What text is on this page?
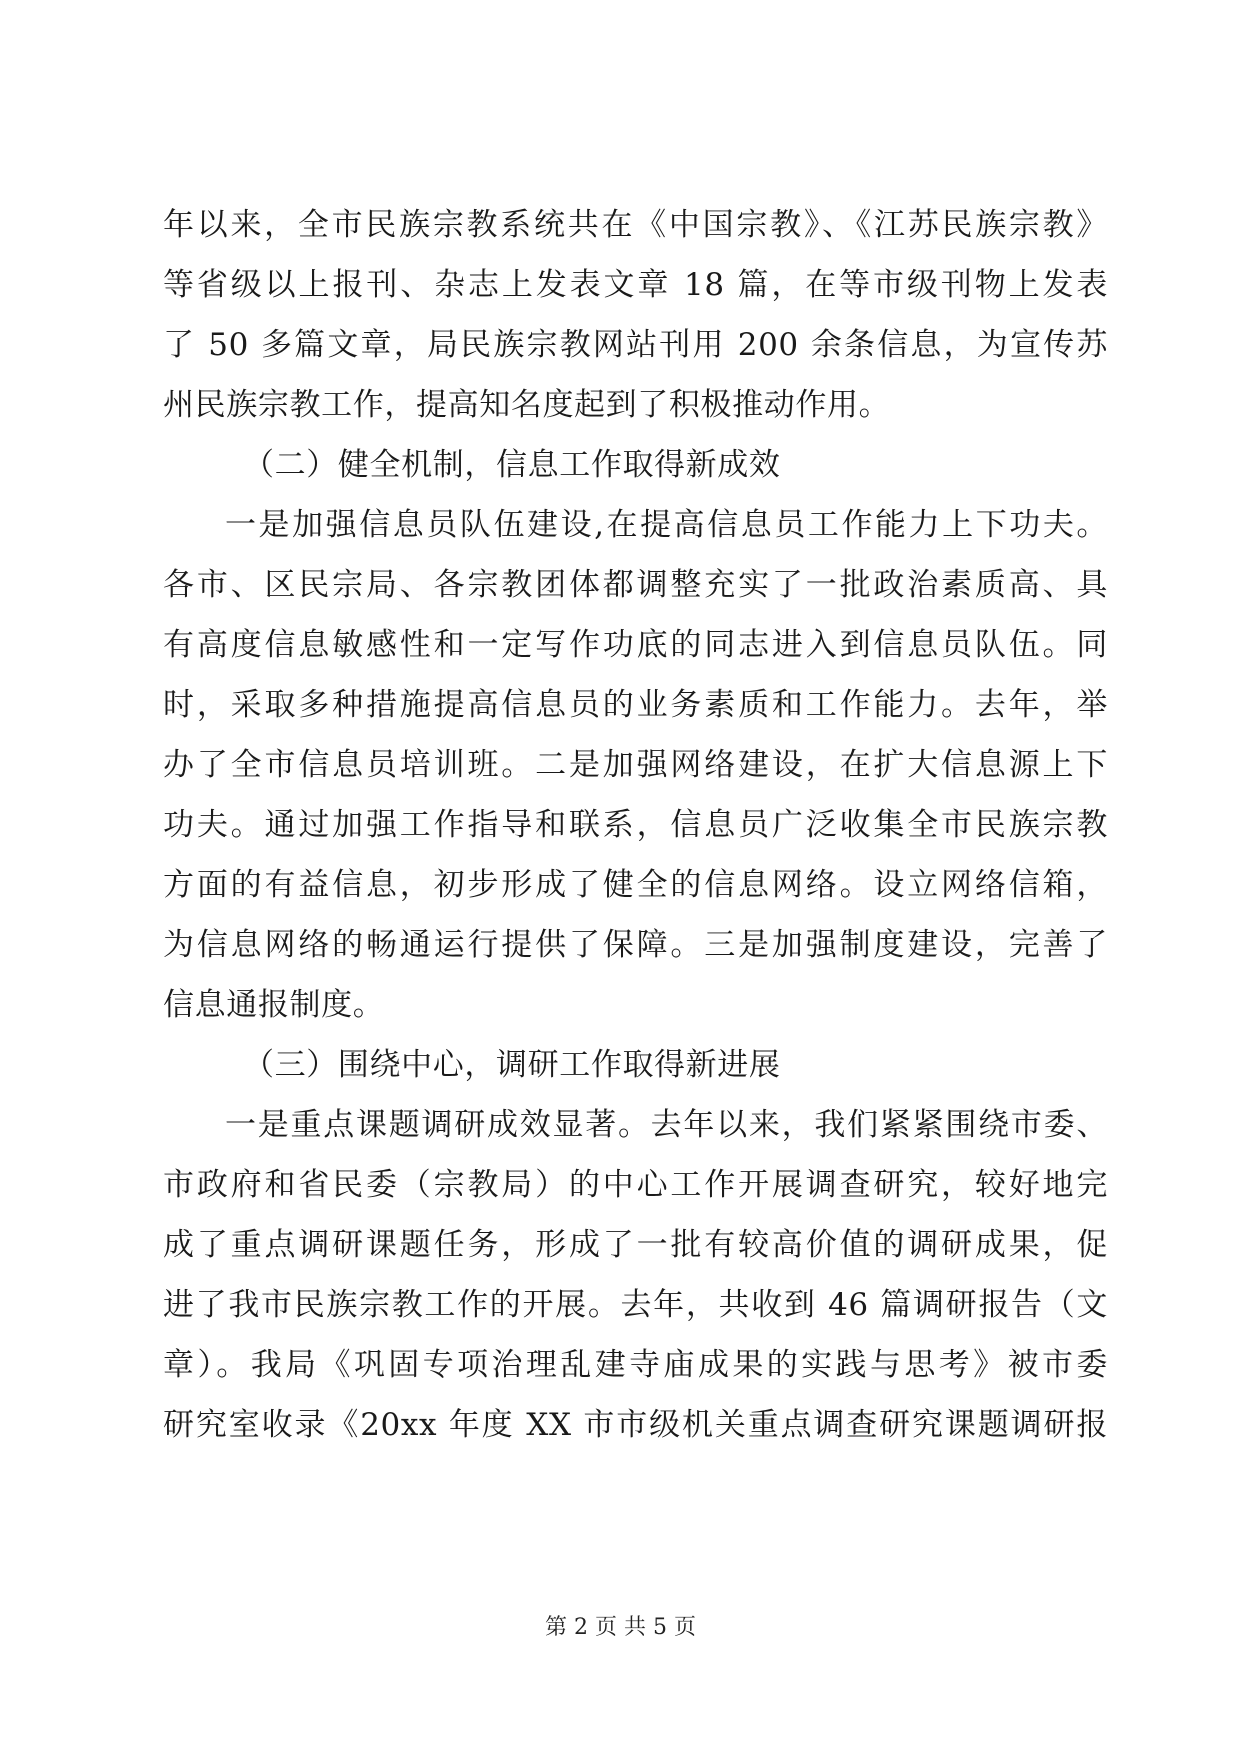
年以来，全市民族宗教系统共在《中国宗教》、《江苏民族宗教》
等省级以上报刊、杂志上发表文章 18 篇，在等市级刊物上发表
了 50 多篇文章，局民族宗教网站刊用 200 余条信息，为宣传苏
州民族宗教工作，提高知名度起到了积极推动作用。
（二）健全机制，信息工作取得新成效
一是加强信息员队伍建设,在提高信息员工作能力上下功夫。
各市、区民宗局、各宗教团体都调整充实了一批政治素质高、具
有高度信息敏感性和一定写作功底的同志进入到信息员队伍。同
时，采取多种措施提高信息员的业务素质和工作能力。去年，举
办了全市信息员培训班。二是加强网络建设，在扩大信息源上下
功夫。通过加强工作指导和联系，信息员广泛收集全市民族宗教
方面的有益信息，初步形成了健全的信息网络。设立网络信箱，
为信息网络的畅通运行提供了保障。三是加强制度建设，完善了
信息通报制度。
（三）围绕中心，调研工作取得新进展
一是重点课题调研成效显著。去年以来，我们紧紧围绕市委、
市政府和省民委（宗教局）的中心工作开展调查研究，较好地完
成了重点调研课题任务，形成了一批有较高价值的调研成果，促
进了我市民族宗教工作的开展。去年，共收到 46 篇调研报告（文
章）。我局《巩固专项治理乱建寺庙成果的实践与思考》被市委
研究室收录《20xx 年度 XX 市市级机关重点调查研究课题调研报
第 2 页 共 5 页
